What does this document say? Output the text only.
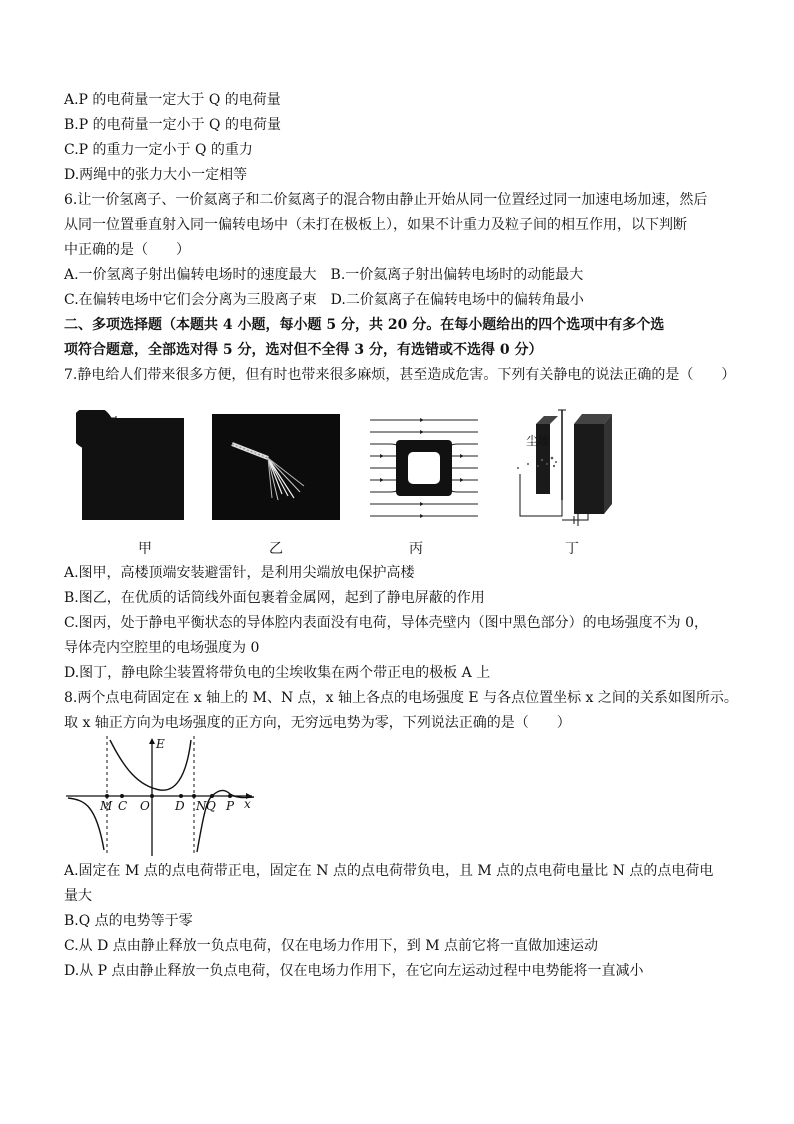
A.P 的电荷量一定大于 Q 的电荷量
B.P 的电荷量一定小于 Q 的电荷量
C.P 的重力一定小于 Q 的重力
D.两绳中的张力大小一定相等
6.让一价氢离子、一价氦离子和二价氦离子的混合物由静止开始从同一位置经过同一加速电场加速，然后
从同一位置垂直射入同一偏转电场中（未打在极板上），如果不计重力及粒子间的相互作用，以下判断
中正确的是（　　）
A.一价氢离子射出偏转电场时的速度最大　B.一价氦离子射出偏转电场时的动能最大
C.在偏转电场中它们会分离为三股离子束　D.二价氦离子在偏转电场中的偏转角最小
二、多项选择题（本题共 4 小题，每小题 5 分，共 20 分。在每小题给出的四个选项中有多个选
项符合题意，全部选对得 5 分，选对但不全得 3 分，有选错或不选得 0 分）
7.静电给人们带来很多方便，但有时也带来很多麻烦，甚至造成危害。下列有关静电的说法正确的是（　　）
尘埃
甲	乙	丙	丁
A.图甲，高楼顶端安装避雷针，是利用尖端放电保护高楼
B.图乙，在优质的话筒线外面包裹着金属网，起到了静电屏蔽的作用
C.图丙，处于静电平衡状态的导体腔内表面没有电荷，导体壳壁内（图中黑色部分）的电场强度不为 0，
导体壳内空腔里的电场强度为 0
D.图丁，静电除尘装置将带负电的尘埃收集在两个带正电的极板 A 上
8.两个点电荷固定在 x 轴上的 M、N 点，x 轴上各点的电场强度 E 与各点位置坐标 x 之间的关系如图所示。
取 x 轴正方向为电场强度的正方向，无穷远电势为零，下列说法正确的是（　　）
E
x
M C O D N Q P
A.固定在 M 点的点电荷带正电，固定在 N 点的点电荷带负电，且 M 点的点电荷电量比 N 点的点电荷电
量大
B.Q 点的电势等于零
C.从 D 点由静止释放一负点电荷，仅在电场力作用下，到 M 点前它将一直做加速运动
D.从 P 点由静止释放一负点电荷，仅在电场力作用下，在它向左运动过程中电势能将一直减小
